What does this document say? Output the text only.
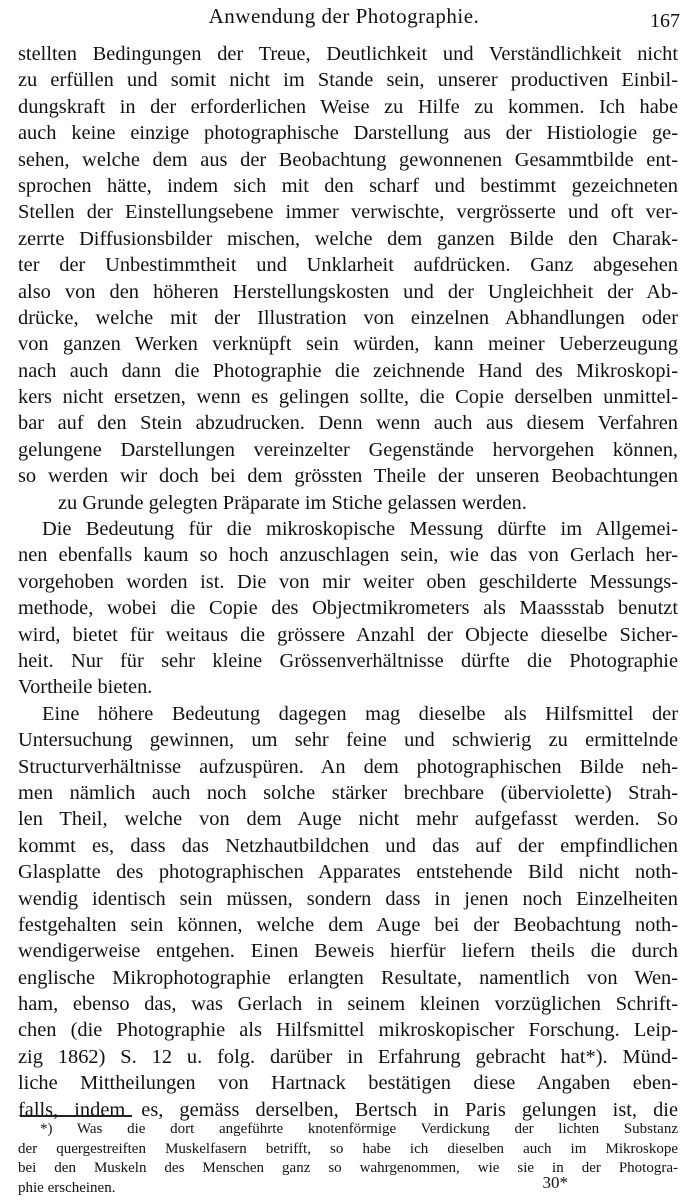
Anwendung der Photographie.	167
stellten Bedingungen der Treue, Deutlichkeit und Verständlichkeit nicht
zu erfüllen und somit nicht im Stande sein, unserer productiven Einbil-
dungskraft in der erforderlichen Weise zu Hilfe zu kommen. Ich habe
auch keine einzige photographische Darstellung aus der Histiologie ge-
sehen, welche dem aus der Beobachtung gewonnenen Gesammtbilde ent-
sprochen hätte, indem sich mit den scharf und bestimmt gezeichneten
Stellen der Einstellungsebene immer verwischte, vergrösserte und oft ver-
zerrte Diffusionsbilder mischen, welche dem ganzen Bilde den Charak-
ter der Unbestimmtheit und Unklarheit aufdrücken. Ganz abgesehen
also von den höheren Herstellungskosten und der Ungleichheit der Ab-
drücke, welche mit der Illustration von einzelnen Abhandlungen oder
von ganzen Werken verknüpft sein würden, kann meiner Ueberzeugung
nach auch dann die Photographie die zeichnende Hand des Mikroskopi-
kers nicht ersetzen, wenn es gelingen sollte, die Copie derselben unmittel-
bar auf den Stein abzudrucken. Denn wenn auch aus diesem Verfahren
gelungene Darstellungen vereinzelter Gegenstände hervorgehen können,
so werden wir doch bei dem grössten Theile der unseren Beobachtungen
zu Grunde gelegten Präparate im Stiche gelassen werden.
Die Bedeutung für die mikroskopische Messung dürfte im Allgemei-
nen ebenfalls kaum so hoch anzuschlagen sein, wie das von Gerlach her-
vorgehoben worden ist. Die von mir weiter oben geschilderte Messungs-
methode, wobei die Copie des Objectmikrometers als Maassstab benutzt
wird, bietet für weitaus die grössere Anzahl der Objecte dieselbe Sicher-
heit. Nur für sehr kleine Grössenverhältnisse dürfte die Photographie
Vortheile bieten.
Eine höhere Bedeutung dagegen mag dieselbe als Hilfsmittel der
Untersuchung gewinnen, um sehr feine und schwierig zu ermittelnde
Structurverhältnisse aufzuspüren. An dem photographischen Bilde neh-
men nämlich auch noch solche stärker brechbare (überviolette) Strah-
len Theil, welche von dem Auge nicht mehr aufgefasst werden. So
kommt es, dass das Netzhautbildchen und das auf der empfindlichen
Glasplatte des photographischen Apparates entstehende Bild nicht noth-
wendig identisch sein müssen, sondern dass in jenen noch Einzelheiten
festgehalten sein können, welche dem Auge bei der Beobachtung noth-
wendigerweise entgehen. Einen Beweis hierfür liefern theils die durch
englische Mikrophotographie erlangten Resultate, namentlich von Wen-
ham, ebenso das, was Gerlach in seinem kleinen vorzüglichen Schrift-
chen (die Photographie als Hilfsmittel mikroskopischer Forschung. Leip-
zig 1862) S. 12 u. folg. darüber in Erfahrung gebracht hat*). Münd-
liche Mittheilungen von Hartnack bestätigen diese Angaben eben-
falls, indem es, gemäss derselben, Bertsch in Paris gelungen ist, die
*) Was die dort angeführte knotenförmige Verdickung der lichten Substanz
der quergestreiften Muskelfasern betrifft, so habe ich dieselben auch im Mikroskope
bei den Muskeln des Menschen ganz so wahrgenommen, wie sie in der Photogra-
phie erscheinen.	30*
